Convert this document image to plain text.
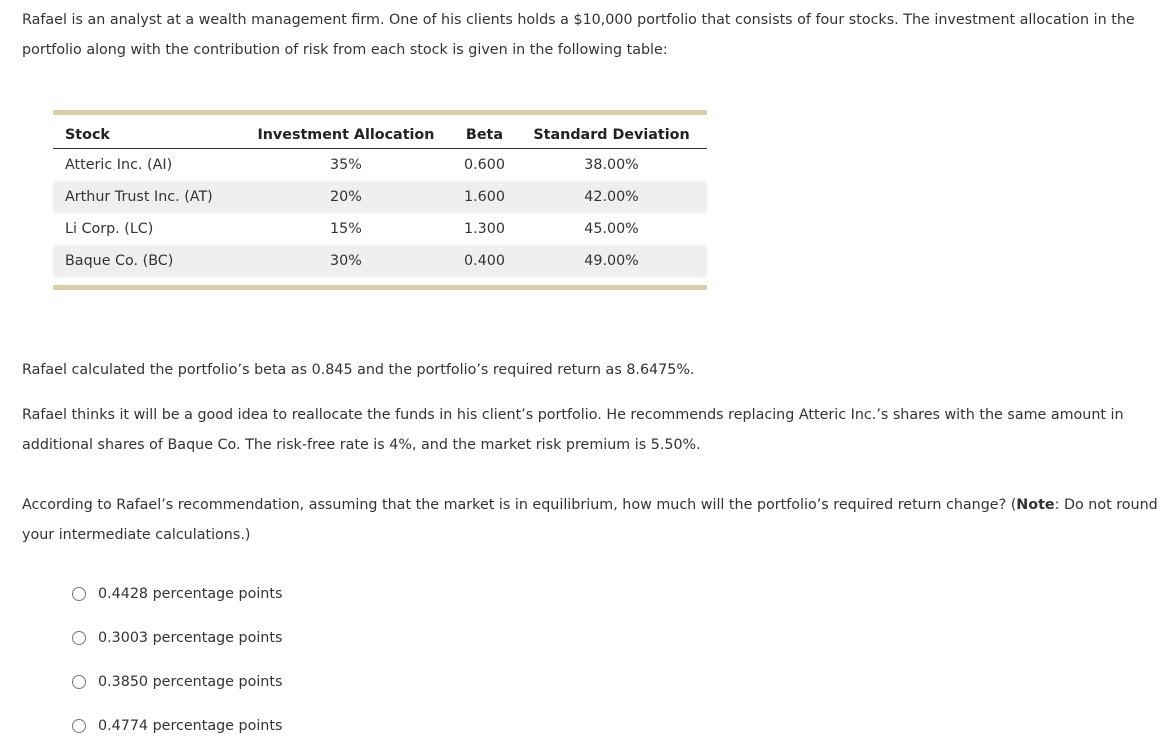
Rafael is an analyst at a wealth management firm. One of his clients holds a $10,000 portfolio that consists of four stocks. The investment allocation in the portfolio along with the contribution of risk from each stock is given in the following table:

Stock	Investment Allocation	Beta	Standard Deviation
Atteric Inc. (AI)	35%	0.600	38.00%
Arthur Trust Inc. (AT)	20%	1.600	42.00%
Li Corp. (LC)	15%	1.300	45.00%
Baque Co. (BC)	30%	0.400	49.00%

Rafael calculated the portfolio’s beta as 0.845 and the portfolio’s required return as 8.6475%.

Rafael thinks it will be a good idea to reallocate the funds in his client’s portfolio. He recommends replacing Atteric Inc.’s shares with the same amount in additional shares of Baque Co. The risk-free rate is 4%, and the market risk premium is 5.50%.

According to Rafael’s recommendation, assuming that the market is in equilibrium, how much will the portfolio’s required return change? (Note: Do not round your intermediate calculations.)

0.4428 percentage points
0.3003 percentage points
0.3850 percentage points
0.4774 percentage points
